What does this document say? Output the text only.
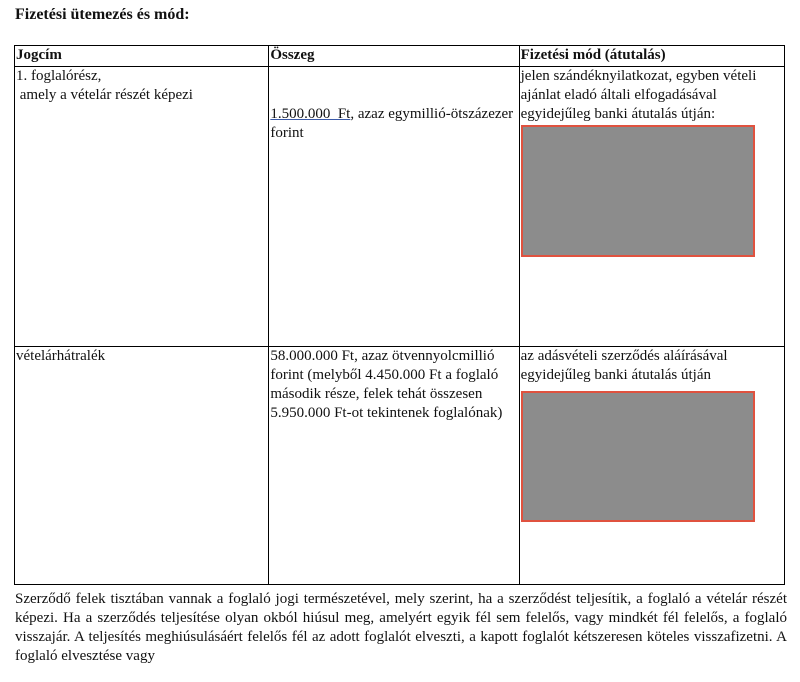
Fizetési ütemezés és mód:
Jogcím	Összeg	Fizetési mód (átutalás)

1. foglalórész,
amely a vételár részét képezi	1.500.000  Ft, azaz egymillió-ötszázezer forint	jelen szándéknyilatkozat, egyben vételi ajánlat eladó általi elfogadásával egyidejűleg banki átutalás útján:

vételárhátralék	58.000.000 Ft, azaz ötvennyolcmillió forint (melyből 4.450.000 Ft a foglaló második része, felek tehát összesen 5.950.000 Ft-ot tekintenek foglalónak)	az adásvételi szerződés aláírásával egyidejűleg banki átutalás útján

Szerződő felek tisztában vannak a foglaló jogi természetével, mely szerint, ha a szerződést teljesítik, a foglaló a vételár részét képezi. Ha a szerződés teljesítése olyan okból hiúsul meg, amelyért egyik fél sem felelős, vagy mindkét fél felelős, a foglaló visszajár. A teljesítés meghiúsulásáért felelős fél az adott foglalót elveszti, a kapott foglalót kétszeresen köteles visszafizetni. A foglaló elvesztése vagy
